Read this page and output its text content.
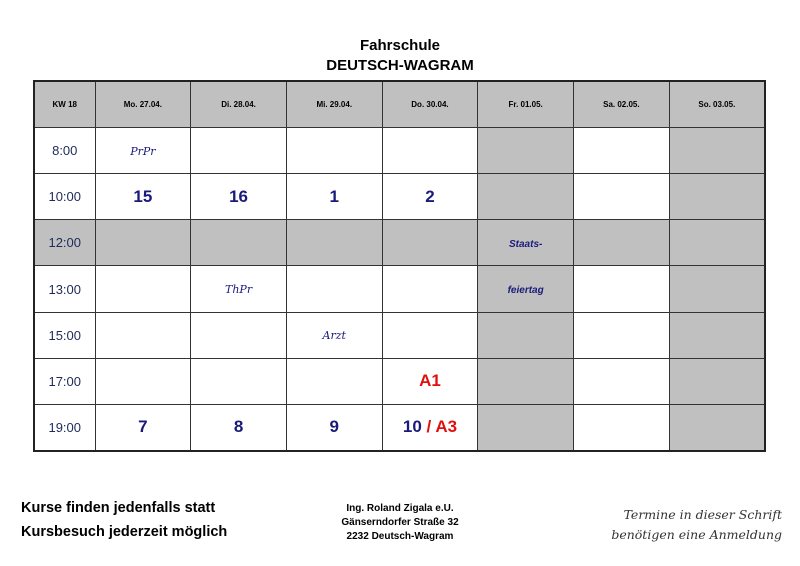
Fahrschule
DEUTSCH-WAGRAM
KW 18	Mo. 27.04.	Di. 28.04.	Mi. 29.04.	Do. 30.04.	Fr. 01.05.	Sa. 02.05.	So. 03.05.
8:00	PrPr						
10:00	15	16	1	2			
12:00					Staats-		
13:00		ThPr			feiertag		
15:00			Arzt				
17:00				A1			
19:00	7	8	9	10 / A3			
Kurse finden jedenfalls statt
Kursbesuch jederzeit möglich
Ing. Roland Zigala e.U.
Gänserndorfer Straße 32
2232 Deutsch-Wagram
Termine in dieser Schrift
benötigen eine Anmeldung
